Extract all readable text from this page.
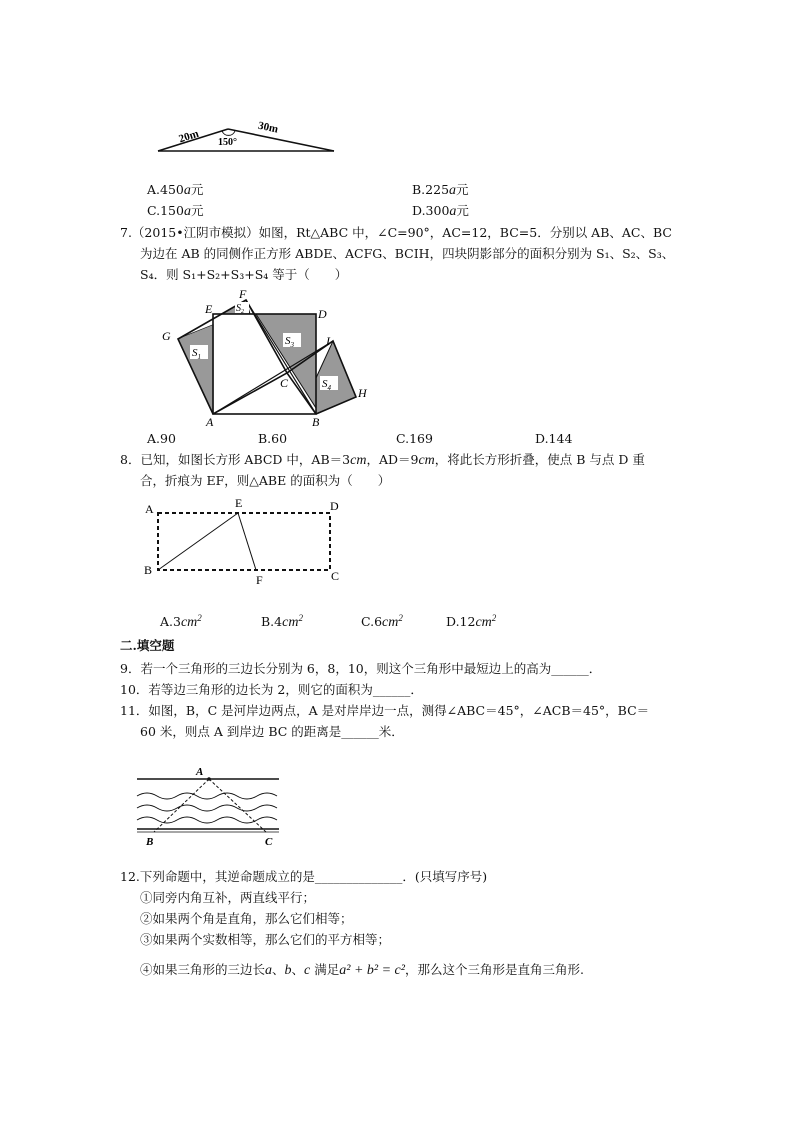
20m
30m
150°
A.450a元	B.225a元
C.150a元	D.300a元
7.（2015•江阴市模拟）如图，Rt△ABC 中，∠C=90°，AC=12，BC=5．分别以 AB、AC、BC
为边在 AB 的同侧作正方形 ABDE、ACFG、BCIH，四块阴影部分的面积分别为 S₁、S₂、S₃、
S₄．则 S₁+S₂+S₃+S₄ 等于（　　）
F
E	D
G	I
C
H
A	B
$S_1$
$S_2$
$S_3$
$S_4$
A.90	B.60	C.169	D.144
8．已知，如图长方形 ABCD 中，AB＝3cm，AD＝9cm，将此长方形折叠，使点 B 与点 D 重
合，折痕为 EF，则△ABE 的面积为（　　）
A	E	D
B
F	C
$A.3cm^2$	$B.4cm^2$	$C.6cm^2$	$D.12cm^2$
二.填空题
9．若一个三角形的三边长分别为 6，8，10，则这个三角形中最短边上的高为______．
10．若等边三角形的边长为 2，则它的面积为______．
11．如图，B，C 是河岸边两点，A 是对岸岸边一点，测得∠ABC＝45°，∠ACB＝45°，BC＝
60 米，则点 A 到岸边 BC 的距离是______米．
A
B	C
12.下列命题中，其逆命题成立的是______________．(只填写序号)
①同旁内角互补，两直线平行；
②如果两个角是直角，那么它们相等；
③如果两个实数相等，那么它们的平方相等；
④如果三角形的三边长a、b、c 满足a² + b² = c²，那么这个三角形是直角三角形.
